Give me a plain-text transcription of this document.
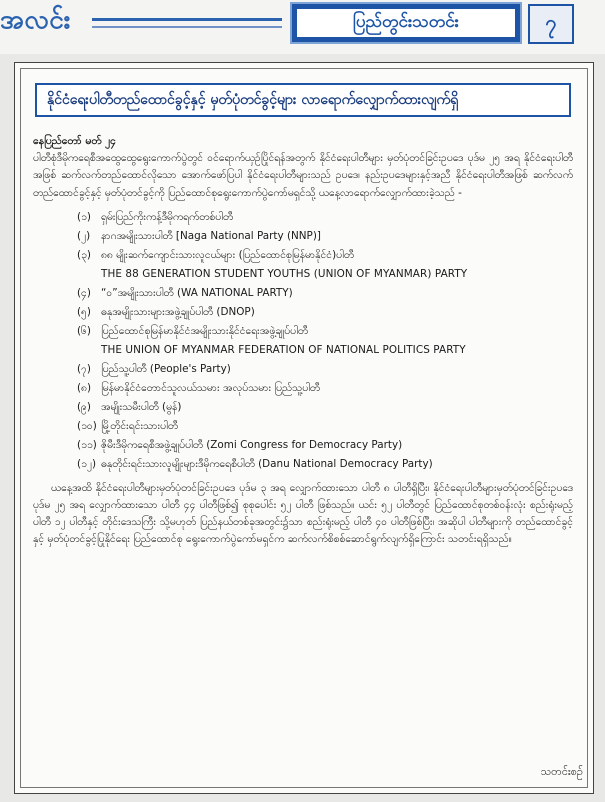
အလင်း	ပြည်တွင်းသတင်း	၇
နိုင်ငံရေးပါတီတည်ထောင်ခွင့်နှင့် မှတ်ပုံတင်ခွင့်များ လာရောက်လျှောက်ထားလျက်ရှိ
နေပြည်တော် မတ် ၂၄
ပါတီစုံဒီမိုကရေစီအထွေထွေရွေးကောက်ပွဲတွင် ဝင်ရောက်ယှဉ်ပြိုင်ရန်အတွက် နိုင်ငံရေးပါတီများ မှတ်ပုံတင်ခြင်းဥပဒေ ပုဒ်မ ၂၅ အရ နိုင်ငံရေးပါတီအဖြစ် ဆက်လက်တည်ထောင်လိုသော အောက်ဖော်ပြပါ နိုင်ငံရေးပါတီများသည် ဥပဒေ၊ နည်းဥပဒေများနှင့်အညီ နိုင်ငံရေးပါတီအဖြစ် ဆက်လက်တည်ထောင်ခွင့်နှင့် မှတ်ပုံတင်ခွင့်ကို ပြည်ထောင်စုရွေးကောက်ပွဲကော်မရှင်သို့ ယနေ့လာရောက်လျှောက်ထားခဲ့သည် -
(၁) ရှမ်းပြည်ကိုးကန့်ဒီမိုကရက်တစ်ပါတီ
(၂) နာဂအမျိုးသားပါတီ [Naga National Party (NNP)]
(၃) ၈၈ မျိုးဆက်ကျောင်းသားလူငယ်များ (ပြည်ထောင်စုမြန်မာနိုင်ငံ)ပါတီ
THE 88 GENERATION STUDENT YOUTHS (UNION OF MYANMAR) PARTY
(၄) “ဝ”အမျိုးသားပါတီ (WA NATIONAL PARTY)
(၅) ဓနုအမျိုးသားများအဖွဲ့ချုပ်ပါတီ (DNOP)
(၆) ပြည်ထောင်စုမြန်မာနိုင်ငံအမျိုးသားနိုင်ငံရေးအဖွဲ့ချုပ်ပါတီ
THE UNION OF MYANMAR FEDERATION OF NATIONAL POLITICS PARTY
(၇) ပြည်သူ့ပါတီ (People's Party)
(၈) မြန်မာနိုင်ငံတောင်သူလယ်သမား အလုပ်သမား ပြည်သူ့ပါတီ
(၉) အမျိုးသမီးပါတီ (မွန်)
(၁၀) မြို့တိုင်းရင်းသားပါတီ
(၁၁) ဇိုမီးဒီမိုကရေစီအဖွဲ့ချုပ်ပါတီ (Zomi Congress for Democracy Party)
(၁၂) ဓနုတိုင်းရင်းသားလူမျိုးများဒီမိုကရေစီပါတီ (Danu National Democracy Party)
ယနေ့အထိ နိုင်ငံရေးပါတီများမှတ်ပုံတင်ခြင်းဥပဒေ ပုဒ်မ ၃ အရ လျှောက်ထားသော ပါတီ ၈ ပါတီရှိပြီး၊ နိုင်ငံရေးပါတီများမှတ်ပုံတင်ခြင်းဥပဒေ ပုဒ်မ ၂၅ အရ လျှောက်ထားသော ပါတီ ၄၄ ပါတီဖြစ်၍ စုစုပေါင်း ၅၂ ပါတီ ဖြစ်သည်။ ယင်း ၅၂ ပါတီတွင် ပြည်ထောင်စုတစ်ဝန်းလုံး စည်းရုံးမည့်ပါတီ ၁၂ ပါတီနှင့် တိုင်းဒေသကြီး သို့မဟုတ် ပြည်နယ်တစ်ခုအတွင်း၌သာ စည်းရုံးမည့် ပါတီ ၄၀ ပါတီဖြစ်ပြီး၊ အဆိုပါ ပါတီများကို တည်ထောင်ခွင့်နှင့် မှတ်ပုံတင်ခွင့်ပြုနိုင်ရေး ပြည်ထောင်စု ရွေးကောက်ပွဲကော်မရှင်က ဆက်လက်စိစစ်ဆောင်ရွက်လျက်ရှိကြောင်း သတင်းရရှိသည်။
သတင်းစဉ်
